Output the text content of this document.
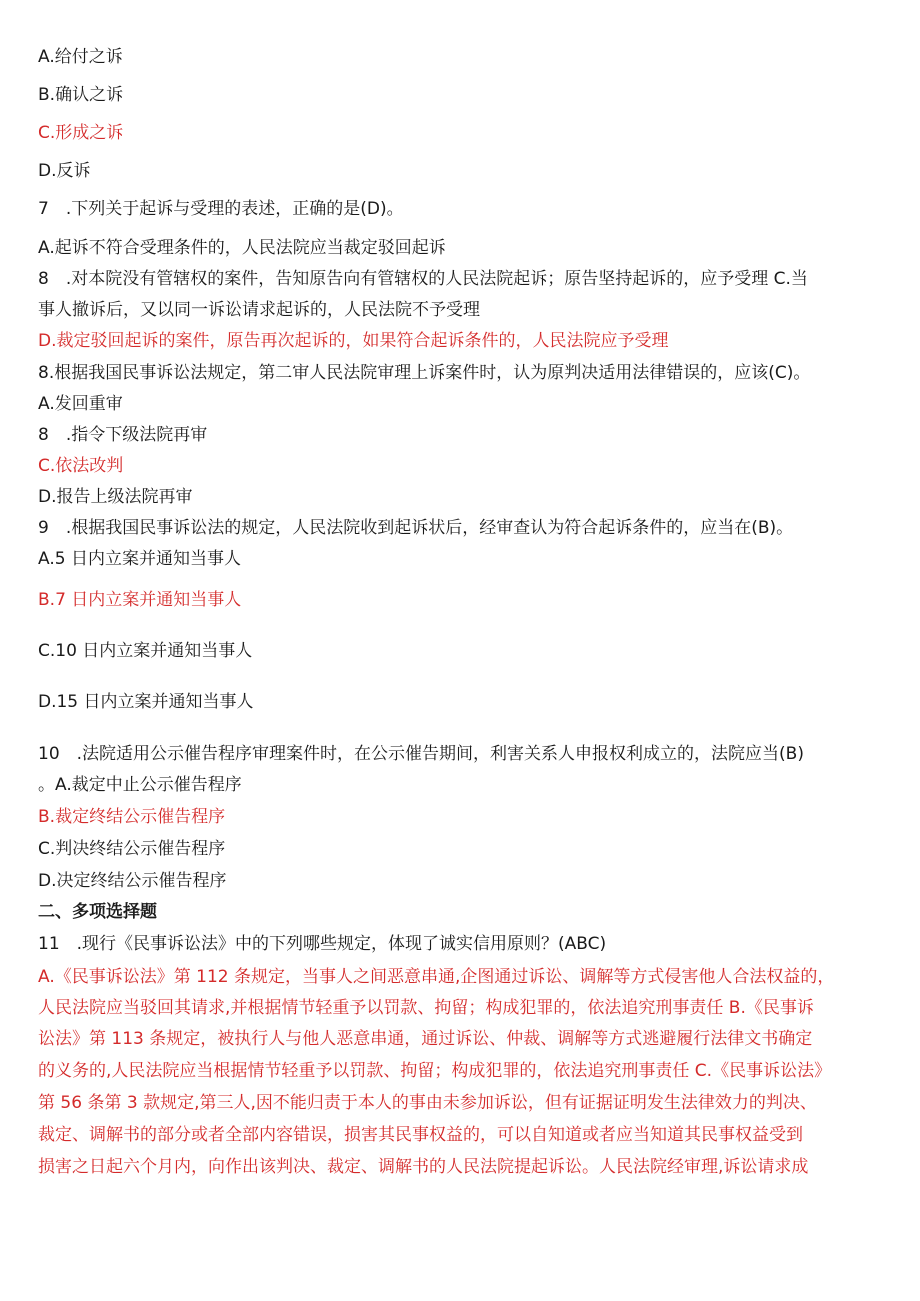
A.给付之诉
B.确认之诉
C.形成之诉
D.反诉
7　.下列关于起诉与受理的表述，正确的是(D)。
A.起诉不符合受理条件的，人民法院应当裁定驳回起诉
8　.对本院没有管辖权的案件，告知原告向有管辖权的人民法院起诉；原告坚持起诉的，应予受理 C.当
事人撤诉后，又以同一诉讼请求起诉的，人民法院不予受理
D.裁定驳回起诉的案件，原告再次起诉的，如果符合起诉条件的，人民法院应予受理
8.根据我国民事诉讼法规定，第二审人民法院审理上诉案件时，认为原判决适用法律错误的，应该(C)。
A.发回重审
8　.指令下级法院再审
C.依法改判
D.报告上级法院再审
9　.根据我国民事诉讼法的规定，人民法院收到起诉状后，经审查认为符合起诉条件的，应当在(B)。
A.5 日内立案并通知当事人
B.7 日内立案并通知当事人
C.10 日内立案并通知当事人
D.15 日内立案并通知当事人
10　.法院适用公示催告程序审理案件时，在公示催告期间，利害关系人申报权利成立的，法院应当(B)
。A.裁定中止公示催告程序
B.裁定终结公示催告程序
C.判决终结公示催告程序
D.决定终结公示催告程序
二、多项选择题
11　.现行《民事诉讼法》中的下列哪些规定，体现了诚实信用原则？(ABC)
A.《民事诉讼法》第 112 条规定，当事人之间恶意串通,企图通过诉讼、调解等方式侵害他人合法权益的，
人民法院应当驳回其请求,并根据情节轻重予以罚款、拘留；构成犯罪的，依法追究刑事责任 B.《民事诉
讼法》第 113 条规定，被执行人与他人恶意串通，通过诉讼、仲裁、调解等方式逃避履行法律文书确定
的义务的,人民法院应当根据情节轻重予以罚款、拘留；构成犯罪的，依法追究刑事责任 C.《民事诉讼法》
第 56 条第 3 款规定,第三人,因不能归责于本人的事由未参加诉讼，但有证据证明发生法律效力的判决、
裁定、调解书的部分或者全部内容错误，损害其民事权益的，可以自知道或者应当知道其民事权益受到
损害之日起六个月内，向作出该判决、裁定、调解书的人民法院提起诉讼。人民法院经审理,诉讼请求成
